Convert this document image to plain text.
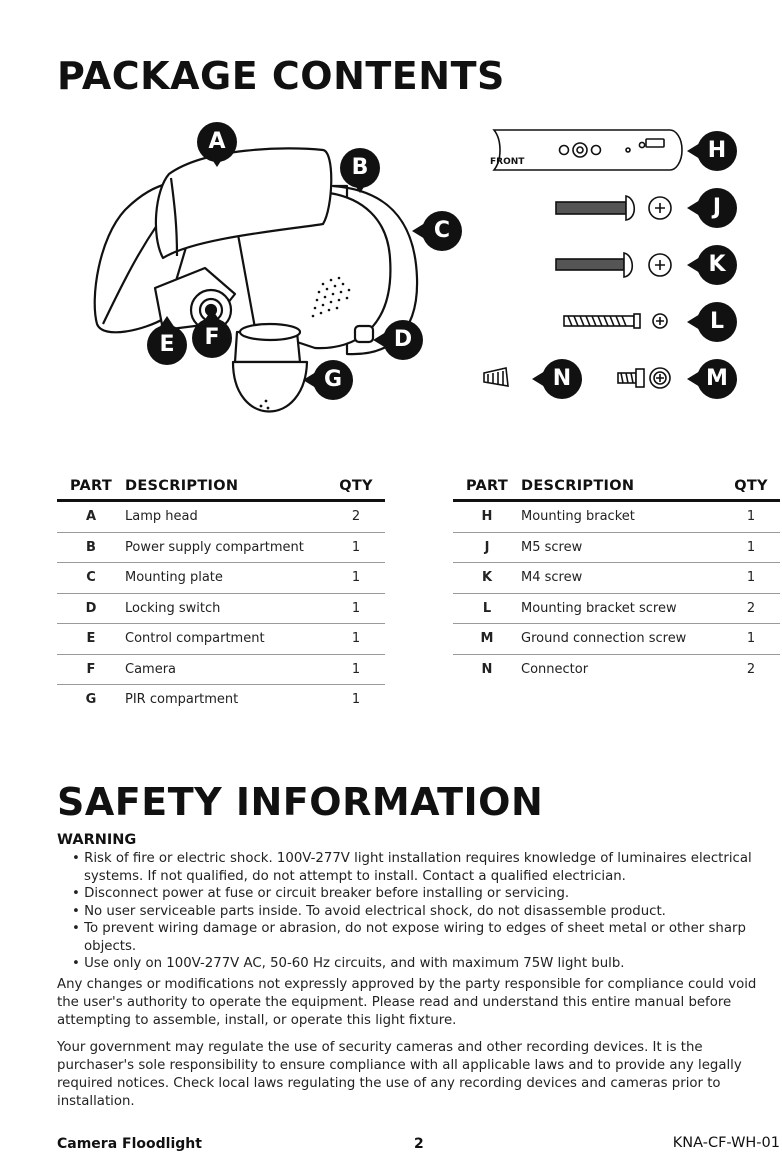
PACKAGE CONTENTS
A
B
C
D
E	F
G
FRONT	H
J
K
L
M
N
PART	DESCRIPTION	QTY
A	Lamp head	2
B	Power supply compartment	1
C	Mounting plate	1
D	Locking switch	1
E	Control compartment	1
F	Camera	1
G	PIR compartment	1
PART	DESCRIPTION	QTY
H	Mounting bracket	1
J	M5 screw	1
K	M4 screw	1
L	Mounting bracket screw	2
M	Ground connection screw	1
N	Connector	2
SAFETY INFORMATION
WARNING
• Risk of fire or electric shock. 100V-277V light installation requires knowledge of luminaires electrical systems. If not qualified, do not attempt to install. Contact a qualified electrician.
• Disconnect power at fuse or circuit breaker before installing or servicing.
• No user serviceable parts inside. To avoid electrical shock, do not disassemble product.
• To prevent wiring damage or abrasion, do not expose wiring to edges of sheet metal or other sharp objects.
• Use only on 100V-277V AC, 50-60 Hz circuits, and with maximum 75W light bulb.

Any changes or modifications not expressly approved by the party responsible for compliance could void the user's authority to operate the equipment. Please read and understand this entire manual before attempting to assemble, install, or operate this light fixture.

Your government may regulate the use of security cameras and other recording devices. It is the purchaser's sole responsibility to ensure compliance with all applicable laws and to provide any legally required notices. Check local laws regulating the use of any recording devices and cameras prior to installation.

Camera Floodlight	2	KNA-CF-WH-01
